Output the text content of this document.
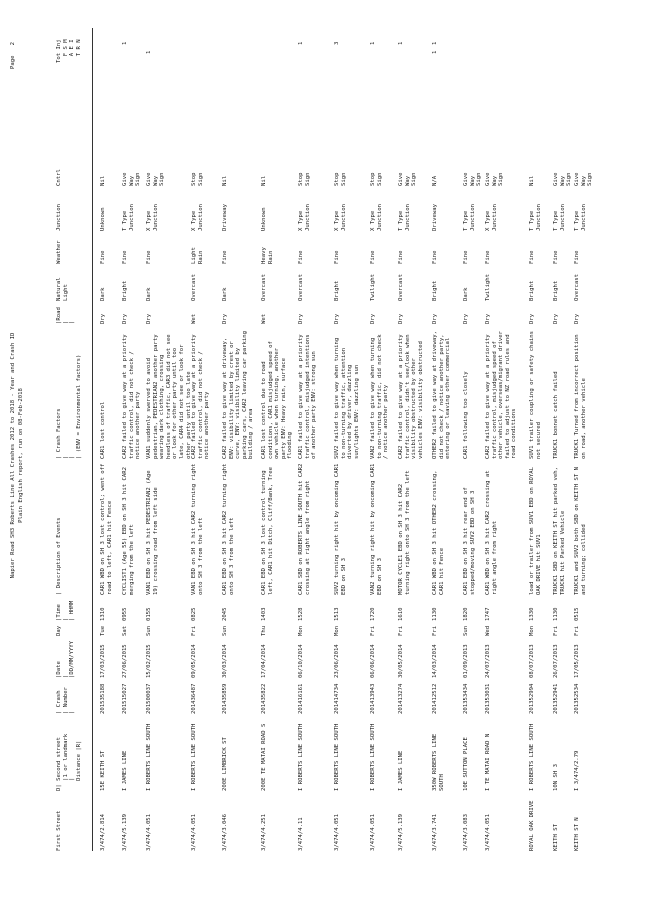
Napier Road SH3 Roberts Line All Crashes 2012 to 2018 - Year and Crash ID Plain English report, run on 08-Feb-2018
Page   2
First Street
D| Second street
|1 or landmark
|
Distance |R|
| Crash
| Number
|
|Date
|
|DD/MM/YYYY
Day
|Time
|
| HHMM
| Description of Events
| Crash Factors
|
|
| (ENV = Environmental factors)
|Road
|
|
Natural
Light
Weather
Junction
Cntrl
Tot Inj
F S M
A E I
T R N
3/474/2.814
15E KEITH ST
201535188
17/03/2015
Tue
1310
CAR1 WBD on SH 3 lost control; went off road to left, CAR1 hit Fence
CAR1 lost control
Dry
Dark
Fine
Unknown
Nil
3/474/5.139
I JAMES LINE
201515027
27/06/2015
Sat
0955
CYCLIST1 (Age 55) EBD on SH 3 hit CAR2 merging from the left
CAR2 failed to give way at a priority traffic control, did not check / notice another party
Dry
Bright
Fine
T Type Junction
Give Way Sign
1
3/474/4.051
I ROBERTS LINE SOUTH
201500037
15/02/2015
Sun
0155
VAN1 EBD on SH 3 hit PEDESTRIAN2 (Age 19) crossing road from left side
VAN1 suddenly swerved to avoid pedestrian, PEDESTRIAN2 another party wearing dark clothing, crossing heedless of traffic, CAR3 did not see or look for other party until too late, CAR4 did not see or look for other party until too late
Dry
Dark
Fine
X Type Junction
Give Way Sign
1
3/474/4.051
I ROBERTS LINE SOUTH
201436487
09/05/2014
Fri
0825
VAN1 EBD on SH 3 hit CAR2 turning right onto SH 3 from the left
CAR2 failed to give way at a priority traffic control, did not check / notice another party
Wet
Overcast
Light Rain
X Type Junction
Stop Sign
3/474/3.046
200E LIMBRICK ST
201435859
30/03/2014
Sun
2045
CAR1 EBD on SH 3 hit CAR2 turning right onto SH 3 from the left
CAR2 failed to give way at driveway, ENV: visibility limited by crest or curve, ENV: visibility limited by parking cars, CAR2 leaving car parking building / area
Dry
Dark
Fine
Driveway
Nil
3/474/4.251
200E TE MATAI ROAD S
201435822
17/04/2014
Thu
1403
CAR1 EBD on SH 3 lost control turning left, CAR1 hit Ditch, Cliff/Bank, Tree
CAR1 lost control due to road conditions, CAR1 misjudged speed of own vehicle when turning, another party ENV: Heavy rain, surface flooding
Wet
Overcast
Heavy Rain
Unknown
Nil
3/474/4.11
I ROBERTS LINE SOUTH
201416161
06/10/2014
Mon
1528
CAR1 SBD on ROBERTS LINE SOUTH hit CAR2 crossing at right angle from right
CAR1 failed to give way at a priority traffic control, misjudged intentions of another party ENV: strong sun
Dry
Overcast
Fine
X Type Junction
Stop Sign
1
3/474/4.051
I ROBERTS LINE SOUTH
201414734
23/06/2014
Mon
1513
SUV2 turning right hit by oncoming CAR1 EBD on SH 3
SUV2 failed to give way when turning to non-turning traffic, attention diverted by driver, dazzling sun/lights ENV: dazzling sun
Dry
Bright
Fine
X Type Junction
Stop Sign
3
3/474/4.051
I ROBERTS LINE SOUTH
201413943
06/06/2014
Fri
1720
VAN2 turning right hit by oncoming CAR1 EBD on SH 3
VAN2 failed to give way when turning to non-turning traffic, did not check / notice another party
Dry
Twilight
Fine
X Type Junction
Stop Sign
1
3/474/5.139
I JAMES LINE
201413274
30/05/2014
Fri
1610
MOTOR CYCLE1 EBD on SH 3 hit CAR2 turning right onto SH 3 from the left
CAR2 failed to give way at a priority traffic control, didn't see/look when visibility obstructed by other vehicles ENV: visibility obstructed
Dry
Overcast
Fine
T Type Junction
Give Way Sign
1
3/474/3.741
350W ROBERTS LINE SOUTH
201412512
14/03/2014
Fri
1130
CAR1 WBD on SH 3 hit OTHER2 crossing, CAR1 hit Fence
OTHER2 failed to give way at driveway, did not check / notice another party, entering or leaving other commercial
Dry
Bright
Fine
Driveway
N/A
1
1
3/474/3.083
10E SUTTON PLACE
201353434
01/09/2013
Sun
1820
CAR1 EBD on SH 3 hit rear end of stopped/moving SUV2 EBD on SH 3
CAR1 following too closely
Dry
Dark
Fine
T Type Junction
Give Way Sign
3/474/4.051
I TE MATAI ROAD N
201353031
24/07/2013
Wed
1747
CAR1 WBD on SH 3 hit CAR2 crossing at right angle from right
CAR2 failed to give way at a priority traffic control, misjudged speed of other vehicle, overseas/migrant driver failed to adjust to NZ road rules and road conditions
Dry
Twilight
Fine
X Type Junction
Give Way Sign
ROYAL OAK DRIVE
I ROBERTS LINE SOUTH
201352994
08/07/2013
Mon
1330
load or trailer from SUV1 EBD on ROYAL OAK DRIVE hit SUV1
SUV1 trailer coupling or safety chains not secured
Dry
Bright
Fine
T Type Junction
Nil
KEITH ST
10N SH 3
201352941
26/07/2013
Fri
1130
TRUCK1 SBD on KEITH ST hit parked veh, TRUCK1 hit Parked Vehicle
TRUCK1 bonnet catch failed
Dry
Bright
Fine
T Type Junction
Give Way Sign
KEITH ST N
I 3/474/2.79
201352534
17/05/2013
Fri
0515
TRUCK1 and SUV2 both SBD on KEITH ST N and turning; collided
TRUCK1 Turned from incorrect position on road, another vehicle
Dry
Overcast
Fine
T Type Junction
Give Way Sign
